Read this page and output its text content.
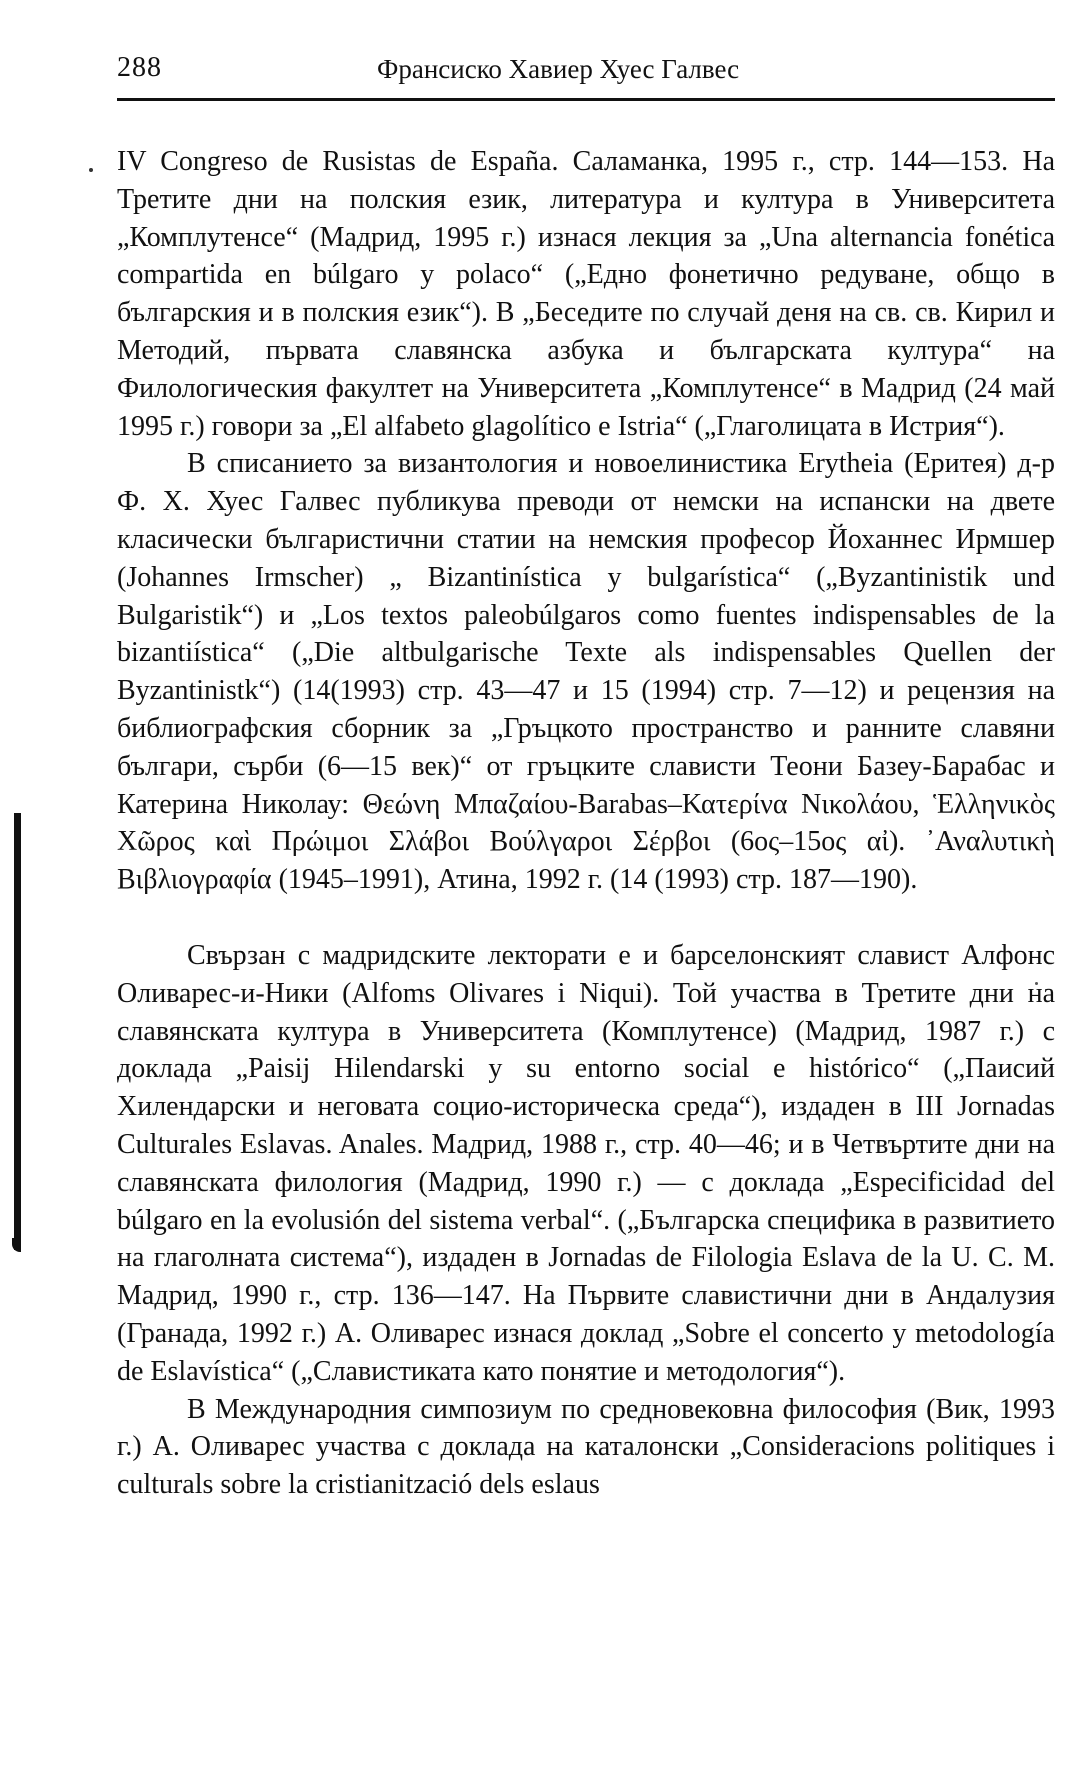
288	Франсиско Хавиер Хуес Галвес

IV Congreso de Rusistas de España. Саламанка, 1995 г., стр. 144—153. На Третите дни на полския език, литература и култура в Университета „Комплутенсе“ (Мадрид, 1995 г.) изнася лекция за „Una alternancia fonética compartida en búlgaro y polaco“ („Едно фонетично редуване, общо в българския и в полския език“). В „Беседите по случай деня на св. св. Кирил и Методий, първата славянска азбука и българската култура“ на Филологическия факултет на Университета „Комплутенсе“ в Мадрид (24 май 1995 г.) говори за „El alfabeto glagolítico e Istria“ („Глаголицата в Истрия“).

В списанието за византология и новоелинистика Erytheia (Еритея) д-р Ф. Х. Хуес Галвес публикува преводи от немски на испански на двете класически българистични статии на немския професор Йоханнес Ирмшер (Johannes Irmscher) „ Bizantinística y bulgarística“ („Byzantinistik und Bulgaristik“) и „Los textos paleobúlgaros como fuentes indispensables de la bizantiística“ („Die altbulgarische Texte als indispensables Quellen der Byzantinistk“) (14(1993) стр. 43—47 и 15 (1994) стр. 7—12) и рецензия на библиографския сборник за „Гръцкото пространство и ранните славяни българи, сърби (6—15 век)“ от гръцките слависти Теони Базеу-Барабас и Катерина Николау: Θεώνη Μπαζαίου-Barabas–Κατερίνα Νικολάου, Ἑλληνικὸς Χῶρος καὶ Πρώιμοι Σλάβοι Βούλγαροι Σέρβοι (6ος–15ος αἰ). ᾿Αναλυτικὴ Βιβλιογραφία (1945–1991), Атина, 1992 г. (14 (1993) стр. 187—190).

Свързан с мадридските лекторати е и барселонският славист Алфонс Оливарес-и-Ники (Alfoms Olivares i Niqui). Той участва в Третите дни на славянската култура в Университета (Комплутенсе) (Мадрид, 1987 г.) с доклада „Paisij Hilendarski y su entorno social e histórico“ („Паисий Хилендарски и неговата социо-историческа среда“), издаден в III Jornadas Culturales Eslavas. Anales. Мадрид, 1988 г., стр. 40—46; и в Четвъртите дни на славянската филология (Мадрид, 1990 г.) — с доклада „Especificidad del búlgaro en la evolusión del sistema verbal“. („Българска специфика в развитието на глаголната система“), издаден в Jornadas de Filologia Eslava de la U. C. M. Мадрид, 1990 г., стр. 136—147. На Първите славистични дни в Андалузия (Гранада, 1992 г.) А. Оливарес изнася доклад „Sobre el concerto y metodología de Eslavística“ („Славистиката като понятие и методология“).

В Международния симпозиум по средновековна философия (Вик, 1993 г.) А. Оливарес участва с доклада на каталонски „Consideracions politiques i culturals sobre la cristianització dels eslaus
